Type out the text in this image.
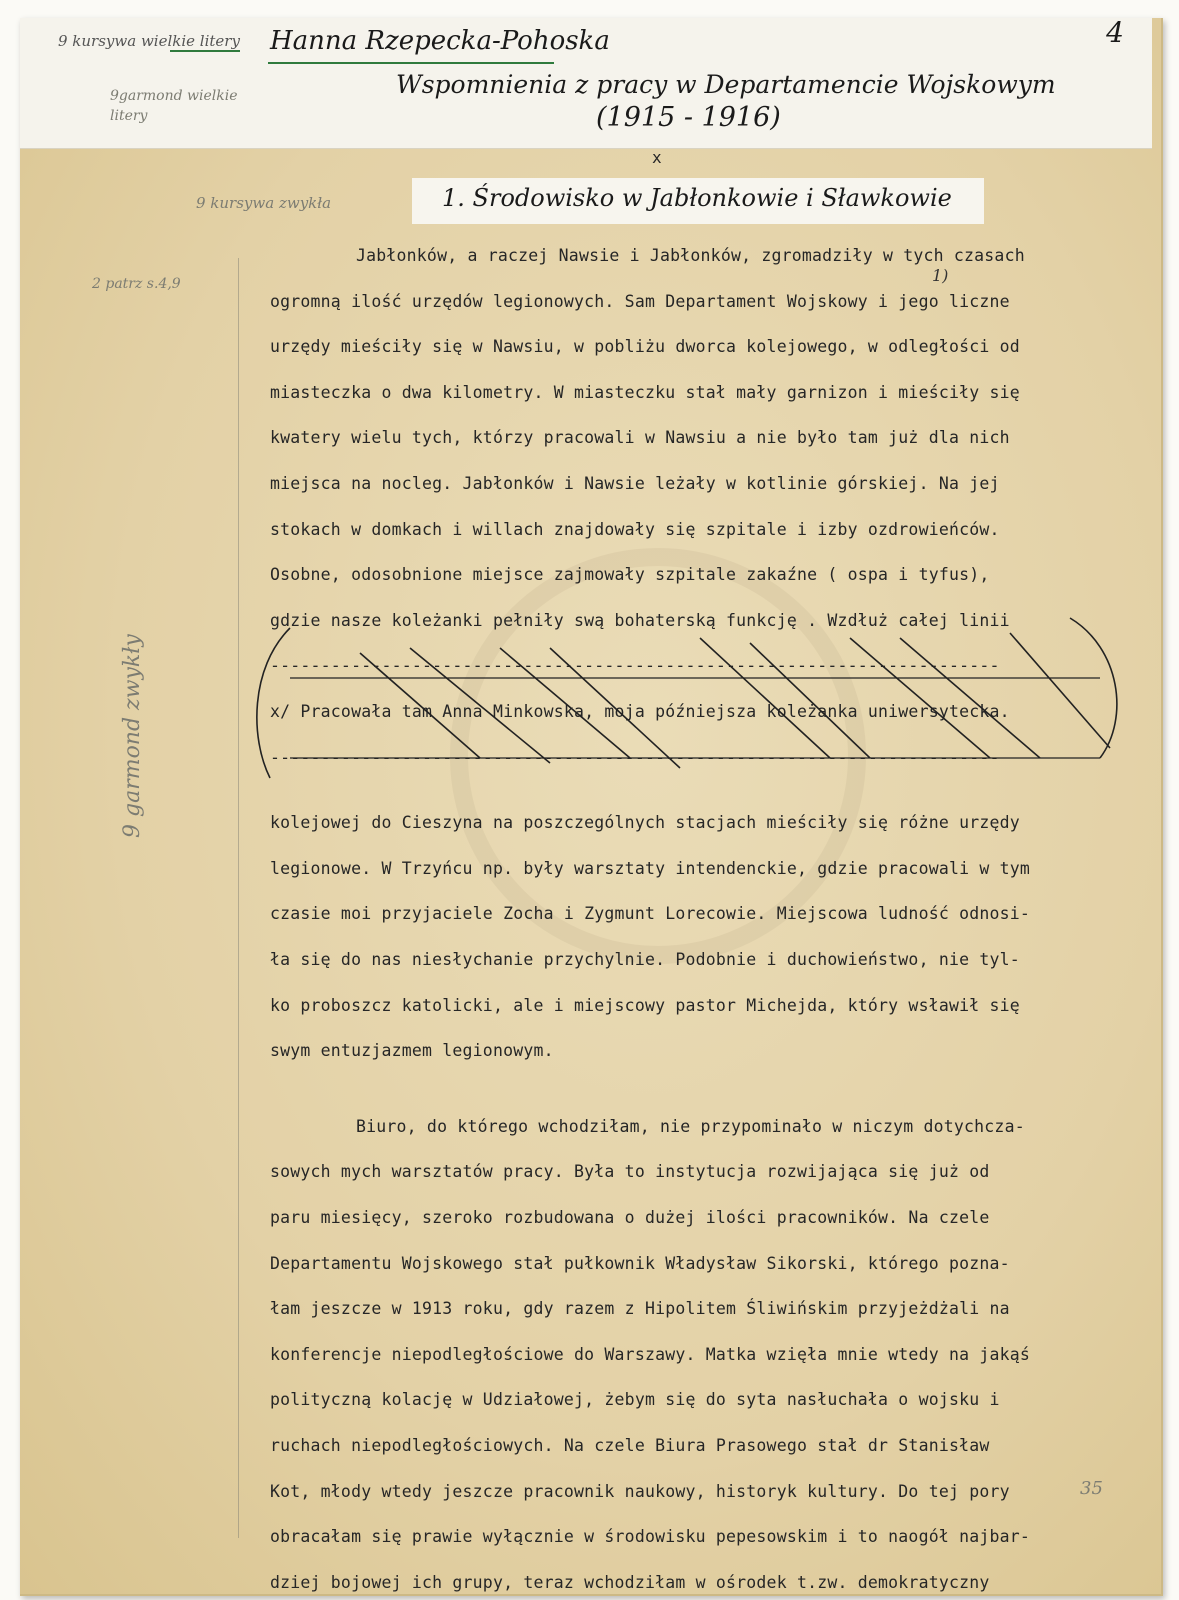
4
9 kursywa wielkie litery Hanna Rzepecka-Pohoska
9garmond wielkie litery
Wspomnienia z pracy w Departamencie Wojskowym
(1915 - 1916)
x
1. Środowisko w Jabłonkowie i Sławkowie
9 kursywa zwykła
2 patrz s.4,9
9 garmond zwykły
1)
35
Jabłonków, a raczej Nawsie i Jabłonków, zgromadziły w tych czasach
ogromną ilość urzędów legionowych. Sam Departament Wojskowy i jego liczne
urzędy mieściły się w Nawsiu, w pobliżu dworca kolejowego, w odległości od
miasteczka o dwa kilometry. W miasteczku stał mały garnizon i mieściły się
kwatery wielu tych, którzy pracowali w Nawsiu a nie było tam już dla nich
miejsca na nocleg. Jabłonków i Nawsie leżały w kotlinie górskiej. Na jej
stokach w domkach i willach znajdowały się szpitale i izby ozdrowieńców.
Osobne, odosobnione miejsce zajmowały szpitale zakaźne ( ospa i tyfus),
gdzie nasze koleżanki pełniły swą bohaterską funkcję . Wzdłuż całej linii
------------------------------------------------------------------------
x/ Pracowała tam Anna Minkowska, moja późniejsza koleżanka uniwersytecka.
------------------------------------------------------------------------
kolejowej do Cieszyna na poszczególnych stacjach mieściły się różne urzędy
legionowe. W Trzyńcu np. były warsztaty intendenckie, gdzie pracowali w tym
czasie moi przyjaciele Zocha i Zygmunt Lorecowie. Miejscowa ludność odnosi-
ła się do nas niesłychanie przychylnie. Podobnie i duchowieństwo, nie tyl-
ko proboszcz katolicki, ale i miejscowy pastor Michejda, który wsławił się
swym entuzjazmem legionowym.
Biuro, do którego wchodziłam, nie przypominało w niczym dotychcza-
sowych mych warsztatów pracy. Była to instytucja rozwijająca się już od
paru miesięcy, szeroko rozbudowana o dużej ilości pracowników. Na czele
Departamentu Wojskowego stał pułkownik Władysław Sikorski, którego pozna-
łam jeszcze w 1913 roku, gdy razem z Hipolitem Śliwińskim przyjeżdżali na
konferencje niepodległościowe do Warszawy. Matka wzięła mnie wtedy na jakąś
polityczną kolację w Udziałowej, żebym się do syta nasłuchała o wojsku i
ruchach niepodległościowych. Na czele Biura Prasowego stał dr Stanisław
Kot, młody wtedy jeszcze pracownik naukowy, historyk kultury. Do tej pory
obracałam się prawie wyłącznie w środowisku pepesowskim i to naogół najbar-
dziej bojowej ich grupy, teraz wchodziłam w ośrodek t.zw. demokratyczny
